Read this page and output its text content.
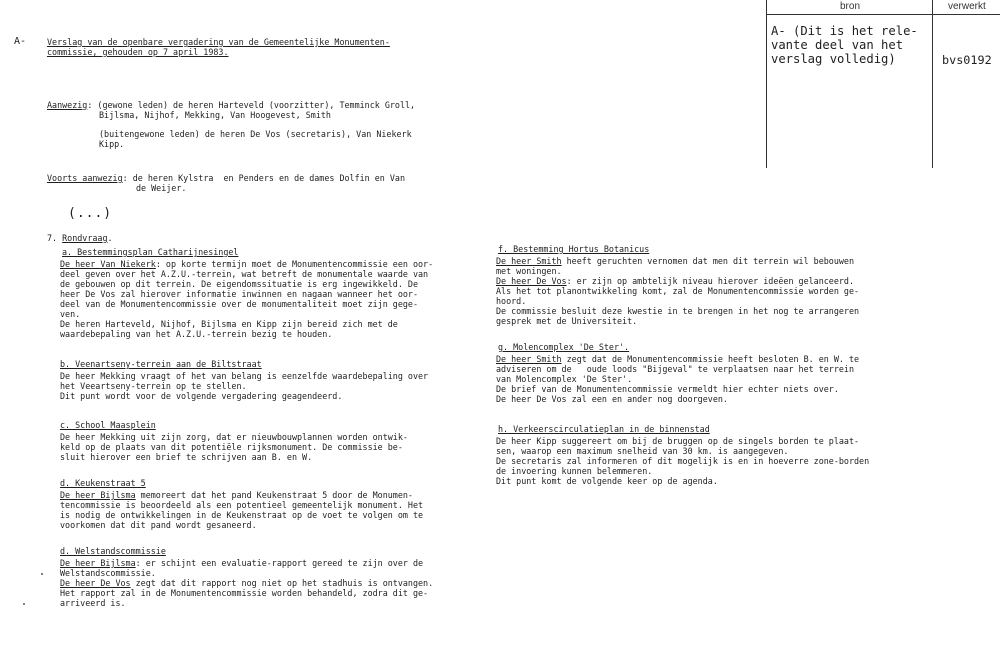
bron	verwerkt
A- (Dit is het rele-
vante deel van het
verslag volledig)	bvs0192
A- Verslag van de openbare vergadering van de Gemeentelijke Monumenten-
commissie, gehouden op 7 april 1983.
Aanwezig: (gewone leden) de heren Harteveld (voorzitter), Temminck Groll,
Bijlsma, Nijhof, Mekking, Van Hoogevest, Smith
(buitengewone leden) de heren De Vos (secretaris), Van Niekerk
Kipp.
Voorts aanwezig: de heren Kylstra  en Penders en de dames Dolfin en Van
de Weijer.
(...)
7. Rondvraag.
a. Bestemmingsplan Catharijnesingel
De heer Van Niekerk: op korte termijn moet de Monumentencommissie een oor-
deel geven over het A.Z.U.-terrein, wat betreft de monumentale waarde van
de gebouwen op dit terrein. De eigendomssituatie is erg ingewikkeld. De
heer De Vos zal hierover informatie inwinnen en nagaan wanneer het oor-
deel van de Monumentencommissie over de monumentaliteit moet zijn gege-
ven.
De heren Harteveld, Nijhof, Bijlsma en Kipp zijn bereid zich met de
waardebepaling van het A.Z.U.-terrein bezig te houden.
b. Veenartseny-terrein aan de Biltstraat
De heer Mekking vraagt of het van belang is eenzelfde waardebepaling over
het Veeartseny-terrein op te stellen.
Dit punt wordt voor de volgende vergadering geagendeerd.
c. School Maasplein
De heer Mekking uit zijn zorg, dat er nieuwbouwplannen worden ontwik-
keld op de plaats van dit potentiële rijksmonument. De commissie be-
sluit hierover een brief te schrijven aan B. en W.
d. Keukenstraat 5
De heer Bijlsma memoreert dat het pand Keukenstraat 5 door de Monumen-
tencommissie is beoordeeld als een potentieel gemeentelijk monument. Het
is nodig de ontwikkelingen in de Keukenstraat op de voet te volgen om te
voorkomen dat dit pand wordt gesaneerd.
d. Welstandscommissie
De heer Bijlsma: er schijnt een evaluatie-rapport gereed te zijn over de
Welstandscommissie.
De heer De Vos zegt dat dit rapport nog niet op het stadhuis is ontvangen.
Het rapport zal in de Monumentencommissie worden behandeld, zodra dit ge-
arriveerd is.
f. Bestemming Hortus Botanicus
De heer Smith heeft geruchten vernomen dat men dit terrein wil bebouwen
met woningen.
De heer De Vos: er zijn op ambtelijk niveau hierover ideëen gelanceerd.
Als het tot planontwikkeling komt, zal de Monumentencommissie worden ge-
hoord.
De commissie besluit deze kwestie in te brengen in het nog te arrangeren
gesprek met de Universiteit.
g. Molencomplex 'De Ster'.
De heer Smith zegt dat de Monumentencommissie heeft besloten B. en W. te
adviseren om de   oude loods "Bijgeval" te verplaatsen naar het terrein
van Molencomplex 'De Ster'.
De brief van de Monumentencommissie vermeldt hier echter niets over.
De heer De Vos zal een en ander nog doorgeven.
h. Verkeerscirculatieplan in de binnenstad
De heer Kipp suggereert om bij de bruggen op de singels borden te plaat-
sen, waarop een maximum snelheid van 30 km. is aangegeven.
De secretaris zal informeren of dit mogelijk is en in hoeverre zone-borden
de invoering kunnen belemmeren.
Dit punt komt de volgende keer op de agenda.
